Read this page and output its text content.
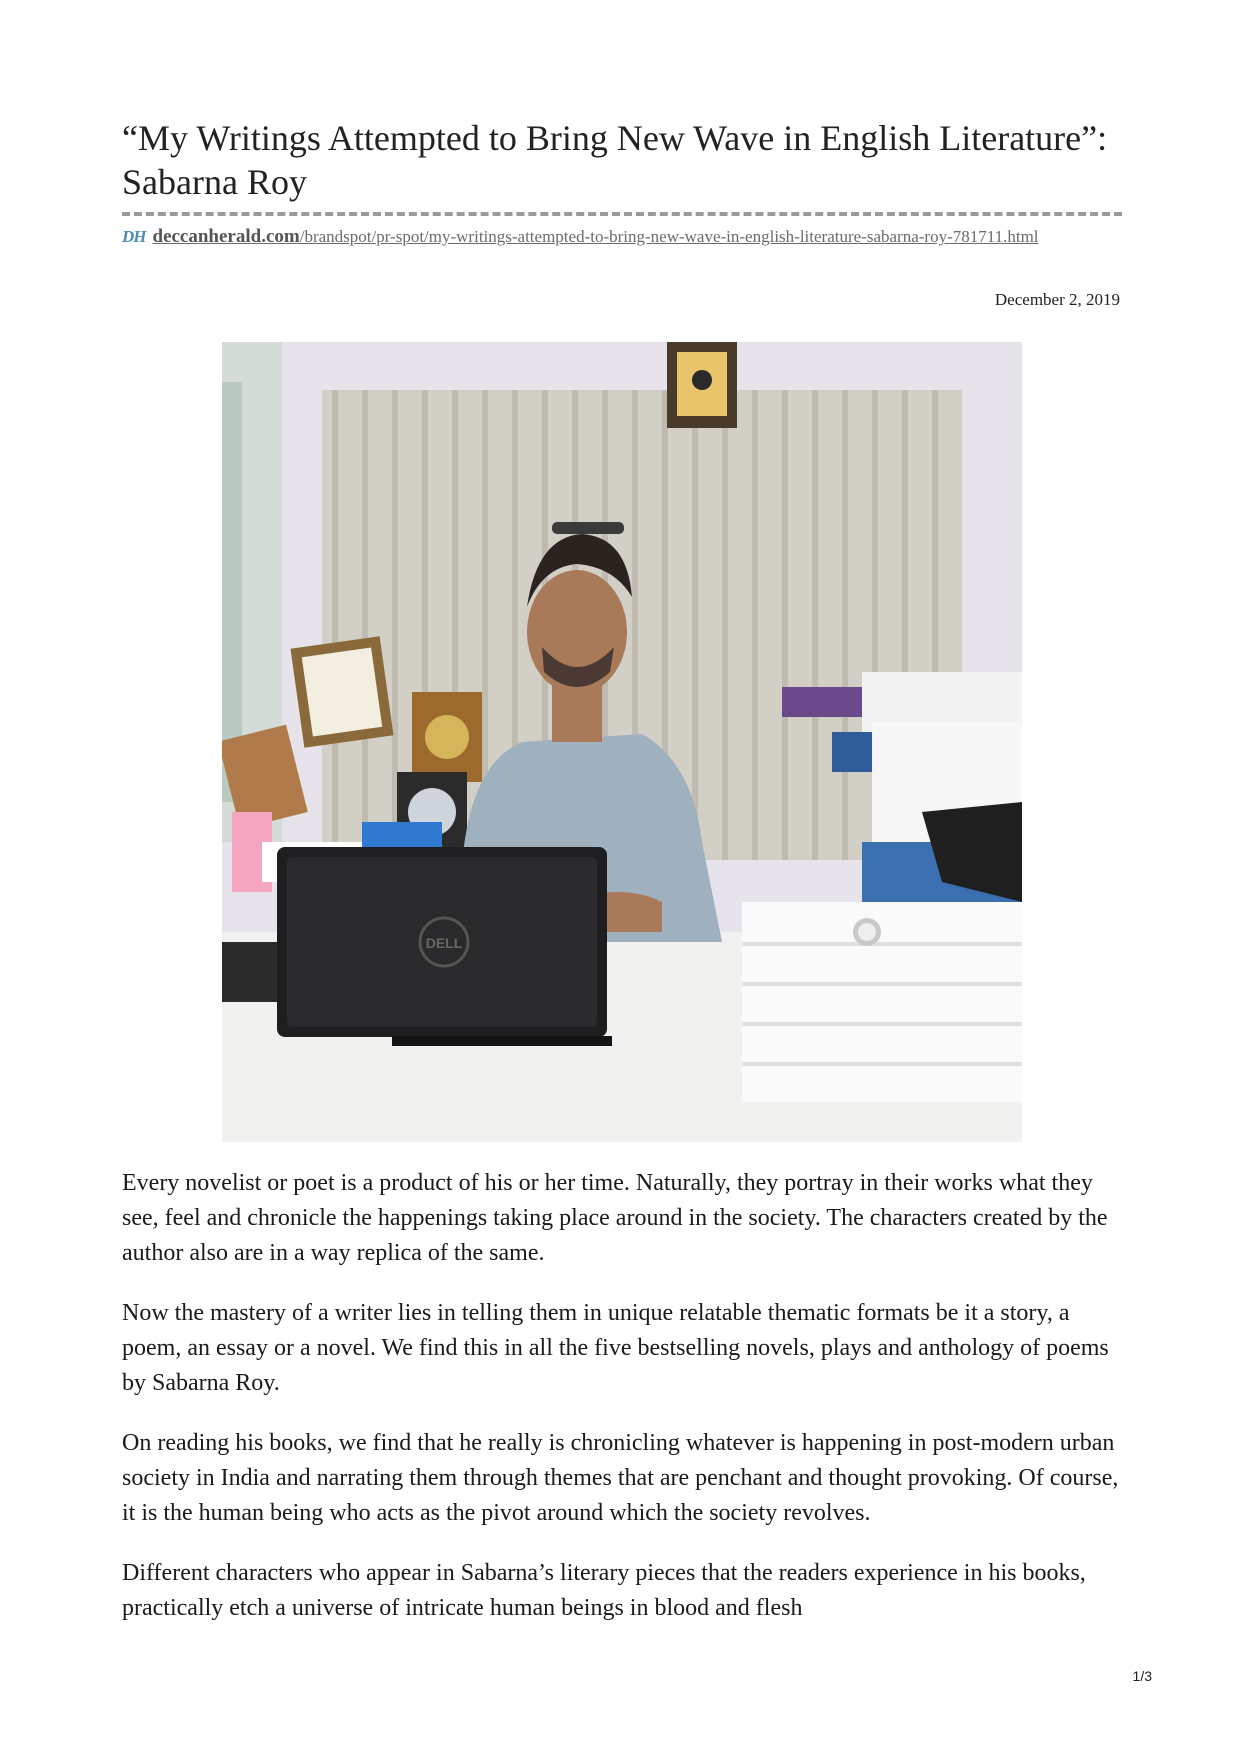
“My Writings Attempted to Bring New Wave in English Literature”: Sabarna Roy
DH deccanherald.com/brandspot/pr-spot/my-writings-attempted-to-bring-new-wave-in-english-literature-sabarna-roy-781711.html
December 2, 2019
DELL

Every novelist or poet is a product of his or her time. Naturally, they portray in their works what they see, feel and chronicle the happenings taking place around in the society. The characters created by the author also are in a way replica of the same.

Now the mastery of a writer lies in telling them in unique relatable thematic formats be it a story, a poem, an essay or a novel. We find this in all the five bestselling novels, plays and anthology of poems by Sabarna Roy.

On reading his books, we find that he really is chronicling whatever is happening in post-modern urban society in India and narrating them through themes that are penchant and thought provoking. Of course, it is the human being who acts as the pivot around which the society revolves.

Different characters who appear in Sabarna’s literary pieces that the readers experience in his books, practically etch a universe of intricate human beings in blood and flesh

1/3
